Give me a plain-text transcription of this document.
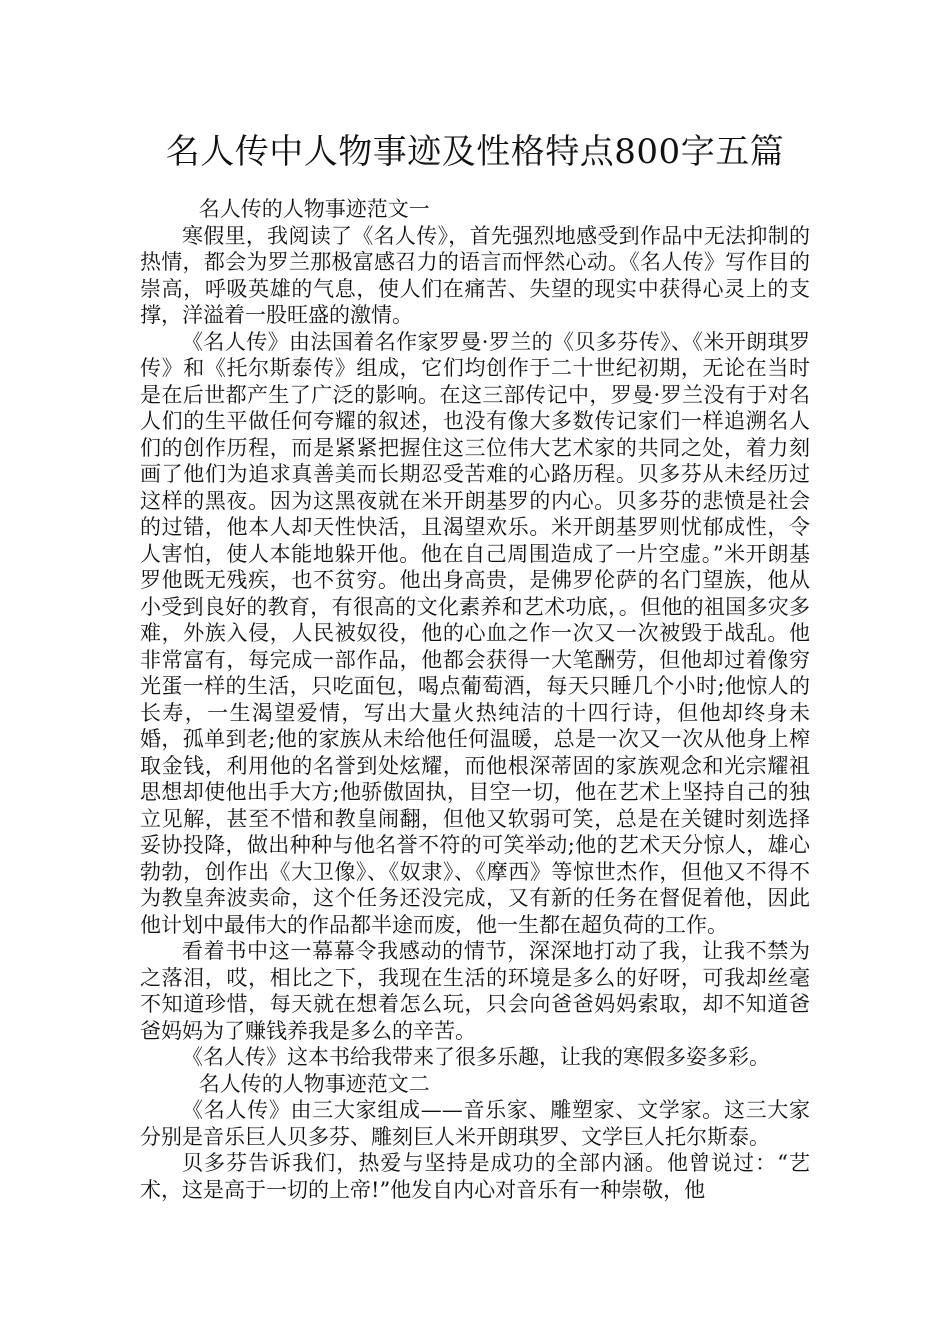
名人传中人物事迹及性格特点800字五篇

名人传的人物事迹范文一

寒假里，我阅读了《名人传》，首先强烈地感受到作品中无法抑制的热情，都会为罗兰那极富感召力的语言而怦然心动。《名人传》写作目的崇高，呼吸英雄的气息，使人们在痛苦、失望的现实中获得心灵上的支撑，洋溢着一股旺盛的激情。

《名人传》由法国着名作家罗曼·罗兰的《贝多芬传》、《米开朗琪罗传》和《托尔斯泰传》组成，它们均创作于二十世纪初期，无论在当时是在后世都产生了广泛的影响。在这三部传记中，罗曼·罗兰没有于对名人们的生平做任何夸耀的叙述，也没有像大多数传记家们一样追溯名人们的创作历程，而是紧紧把握住这三位伟大艺术家的共同之处，着力刻画了他们为追求真善美而长期忍受苦难的心路历程。贝多芬从未经历过这样的黑夜。因为这黑夜就在米开朗基罗的内心。贝多芬的悲愤是社会的过错，他本人却天性快活，且渴望欢乐。米开朗基罗则忧郁成性，令人害怕，使人本能地躲开他。他在自己周围造成了一片空虚。”米开朗基罗他既无残疾，也不贫穷。他出身高贵，是佛罗伦萨的名门望族，他从小受到良好的教育，有很高的文化素养和艺术功底，。但他的祖国多灾多难，外族入侵，人民被奴役，他的心血之作一次又一次被毁于战乱。他非常富有，每完成一部作品，他都会获得一大笔酬劳，但他却过着像穷光蛋一样的生活，只吃面包，喝点葡萄酒，每天只睡几个小时;他惊人的长寿，一生渴望爱情，写出大量火热纯洁的十四行诗，但他却终身未婚，孤单到老;他的家族从未给他任何温暖，总是一次又一次从他身上榨取金钱，利用他的名誉到处炫耀，而他根深蒂固的家族观念和光宗耀祖思想却使他出手大方;他骄傲固执，目空一切，他在艺术上坚持自己的独立见解，甚至不惜和教皇闹翻，但他又软弱可笑，总是在关键时刻选择妥协投降，做出种种与他名誉不符的可笑举动;他的艺术天分惊人，雄心勃勃，创作出《大卫像》、《奴隶》、《摩西》等惊世杰作，但他又不得不为教皇奔波卖命，这个任务还没完成，又有新的任务在督促着他，因此他计划中最伟大的作品都半途而废，他一生都在超负荷的工作。

看着书中这一幕幕令我感动的情节，深深地打动了我，让我不禁为之落泪，哎，相比之下，我现在生活的环境是多么的好呀，可我却丝毫不知道珍惜，每天就在想着怎么玩，只会向爸爸妈妈索取，却不知道爸爸妈妈为了赚钱养我是多么的辛苦。

《名人传》这本书给我带来了很多乐趣，让我的寒假多姿多彩。

名人传的人物事迹范文二

《名人传》由三大家组成——音乐家、雕塑家、文学家。这三大家分别是音乐巨人贝多芬、雕刻巨人米开朗琪罗、文学巨人托尔斯泰。

贝多芬告诉我们，热爱与坚持是成功的全部内涵。他曾说过：“艺术，这是高于一切的上帝!”他发自内心对音乐有一种崇敬，他
